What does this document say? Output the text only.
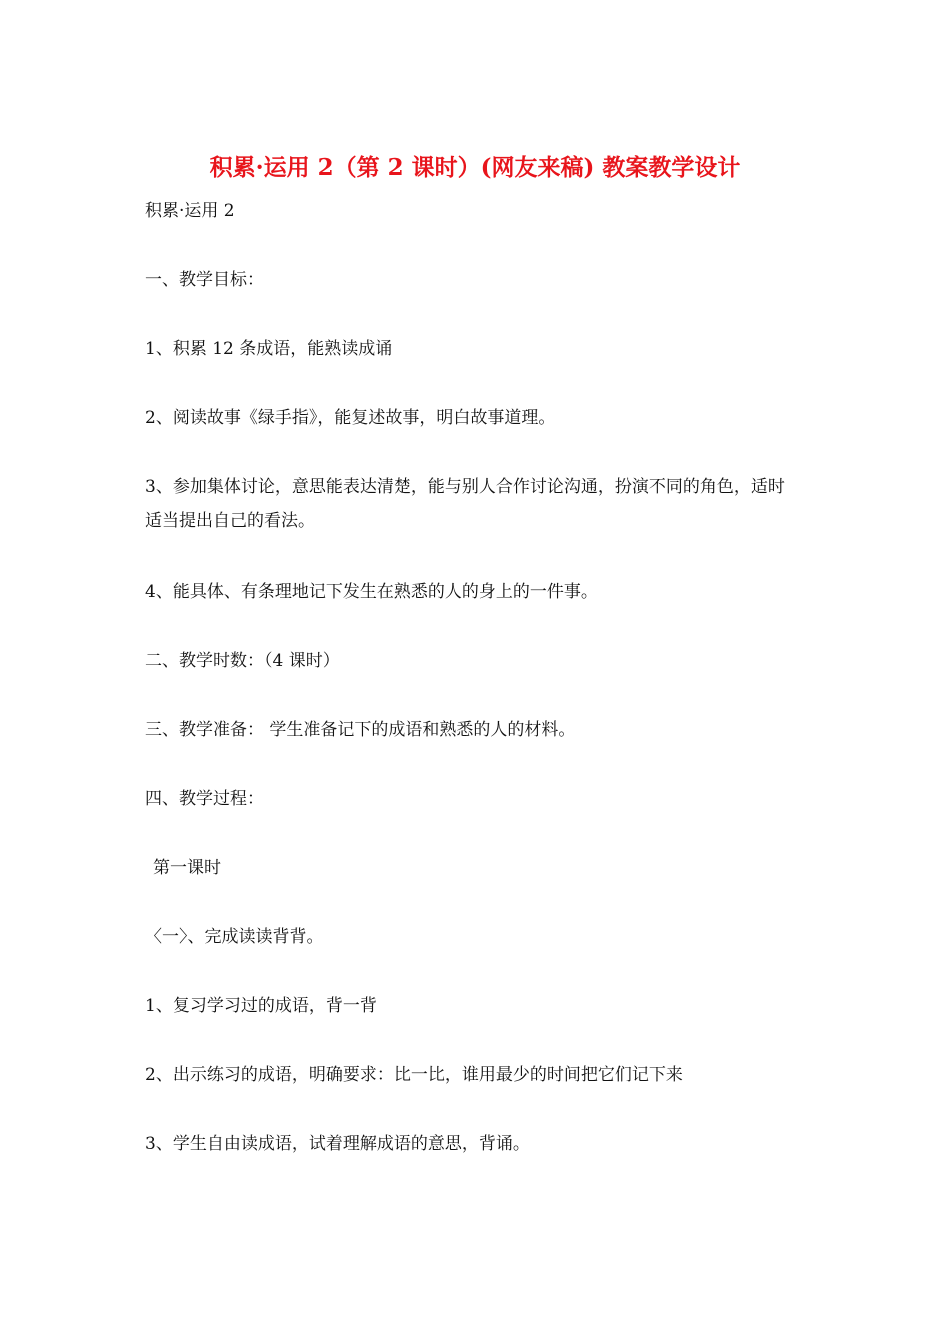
积累·运用 2（第 2 课时）(网友来稿) 教案教学设计
积累·运用 2

一、教学目标：

1、积累 12 条成语，能熟读成诵

2、阅读故事《绿手指》，能复述故事，明白故事道理。

3、参加集体讨论，意思能表达清楚，能与别人合作讨论沟通，扮演不同的角色，适时适当提出自己的看法。

4、能具体、有条理地记下发生在熟悉的人的身上的一件事。

二、教学时数：（4 课时）

三、教学准备： 学生准备记下的成语和熟悉的人的材料。

四、教学过程：

第一课时

〈一〉、完成读读背背。

1、复习学习过的成语，背一背

2、出示练习的成语，明确要求：比一比，谁用最少的时间把它们记下来

3、学生自由读成语，试着理解成语的意思，背诵。
